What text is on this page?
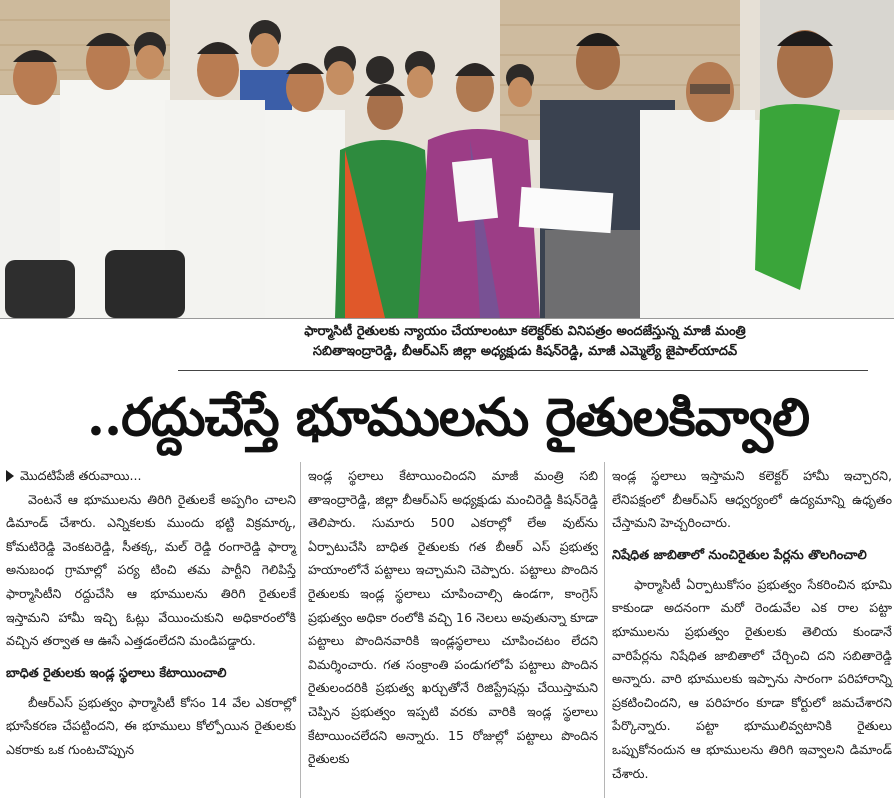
ఫార్మాసిటీ రైతులకు న్యాయం చేయాలంటూ కలెక్టర్‌కు వినిపత్రం అందజేస్తున్న మాజీ మంత్రి
సబితాఇంద్రారెడ్డి, బీఆర్ఎస్ జిల్లా అధ్యక్షుడు కిషన్‌రెడ్డి, మాజీ ఎమ్మెల్యే జైపాల్‌యాదవ్
..రద్దుచేస్తే భూములను రైతులకివ్వాలి
మొదటిపేజీ తరువాయి...

వెంటనే ఆ భూములను తిరిగి రైతులకే అప్పగిం చాలని డిమాండ్ చేశారు. ఎన్నికలకు ముందు భట్టి విక్రమార్క, కోమటిరెడ్డి వెంకటరెడ్డి, సీతక్క, మల్ రెడ్డి రంగారెడ్డి ఫార్మా అనుబంధ గ్రామాల్లో పర్య టించి తమ పార్టీని గెలిపిస్తే ఫార్మాసిటీని రద్దుచేసి ఆ భూములను తిరిగి రైతులకే ఇస్తామని హామీ ఇచ్చి ఓట్లు వేయించుకుని అధికారంలోకి వచ్చిన తర్వాత ఆ ఊసే ఎత్తడంలేదని మండిపడ్డారు.

బాధిత రైతులకు ఇండ్ల స్థలాలు కేటాయించాలి

బీఆర్ఎస్ ప్రభుత్వం ఫార్మాసిటీ కోసం 14 వేల ఎకరాల్లో భూసేకరణ చేపట్టిందని, ఈ భూములు కోల్పోయిన రైతులకు ఎకరాకు ఒక గుంటచొప్పున

ఇండ్ల స్థలాలు కేటాయించిందని మాజీ మంత్రి సబి తాఇంద్రారెడ్డి, జిల్లా బీఆర్ఎస్ అధ్యక్షుడు మంచిరెడ్డి కిషన్‌రెడ్డి తెలిపారు. సుమారు 500 ఎకరాల్లో లేఅ వుట్‌ను ఏర్పాటుచేసి బాధిత రైతులకు గత బీఆర్ ఎస్ ప్రభుత్వ హయాంలోనే పట్టాలు ఇచ్చామని చెప్పారు. పట్టాలు పొందిన రైతులకు ఇండ్ల స్థలాలు చూపించాల్సి ఉండగా, కాంగ్రెస్ ప్రభుత్వం అధికా రంలోకి వచ్చి 16 నెలలు అవుతున్నా కూడా పట్టాలు పొందినవారికి ఇండ్లస్థలాలు చూపించటం లేదని విమర్శించారు. గత సంక్రాంతి పండుగలోపే పట్టాలు పొందిన రైతులందరికి ప్రభుత్వ ఖర్చుతోనే రిజిస్ట్రేషన్లు చేయిస్తామని చెప్పిన ప్రభుత్వం ఇప్పటి వరకు వారికి ఇండ్ల స్థలాలు కేటాయించలేదని అన్నారు. 15 రోజుల్లో పట్టాలు పొందిన రైతులకు

ఇండ్ల స్థలాలు ఇస్తామని కలెక్టర్ హామీ ఇచ్చారని, లేనిపక్షంలో బీఆర్ఎస్ ఆధ్వర్యంలో ఉద్యమాన్ని ఉధృతం చేస్తామని హెచ్చరించారు.

నిషేధిత జాబితాలో నుంచిరైతుల పేర్లను తొలగించాలి

ఫార్మాసిటీ ఏర్పాటుకోసం ప్రభుత్వం సేకరించిన భూమి కాకుండా అదనంగా మరో రెండువేల ఎక రాల పట్టా భూములను ప్రభుత్వం రైతులకు తెలియ కుండానే వారిపేర్లను నిషేధిత జాబితాలో చేర్చించి దని సబితారెడ్డి అన్నారు. వారి భూములకు ఇప్పాను సారంగా పరిహారాన్ని ప్రకటించిందని, ఆ పరిహరం కూడా కోర్టులో జమచేశారని పేర్కొన్నారు. పట్టా భూములివ్వటానికి రైతులు ఒప్పుకోనందున ఆ భూములను తిరిగి ఇవ్వాలని డిమాండ్ చేశారు.
